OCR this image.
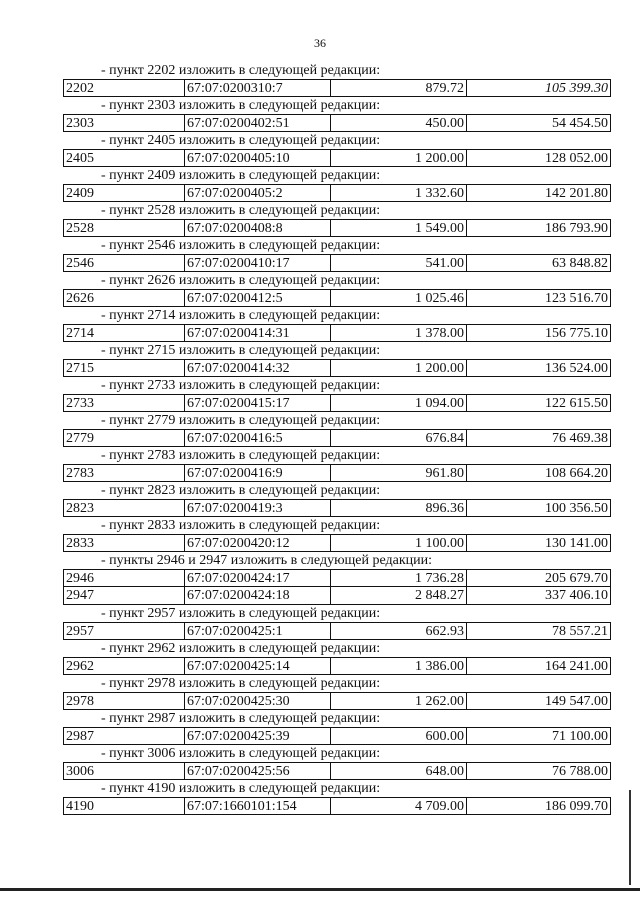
36
- пункт 2202 изложить в следующей редакции:
2202	67:07:0200310:7	879.72	105 399.30
- пункт 2303 изложить в следующей редакции:
2303	67:07:0200402:51	450.00	54 454.50
- пункт 2405 изложить в следующей редакции:
2405	67:07:0200405:10	1 200.00	128 052.00
- пункт 2409 изложить в следующей редакции:
2409	67:07:0200405:2	1 332.60	142 201.80
- пункт 2528 изложить в следующей редакции:
2528	67:07:0200408:8	1 549.00	186 793.90
- пункт 2546 изложить в следующей редакции:
2546	67:07:0200410:17	541.00	63 848.82
- пункт 2626 изложить в следующей редакции:
2626	67:07:0200412:5	1 025.46	123 516.70
- пункт 2714 изложить в следующей редакции:
2714	67:07:0200414:31	1 378.00	156 775.10
- пункт 2715 изложить в следующей редакции:
2715	67:07:0200414:32	1 200.00	136 524.00
- пункт 2733 изложить в следующей редакции:
2733	67:07:0200415:17	1 094.00	122 615.50
- пункт 2779 изложить в следующей редакции:
2779	67:07:0200416:5	676.84	76 469.38
- пункт 2783 изложить в следующей редакции:
2783	67:07:0200416:9	961.80	108 664.20
- пункт 2823 изложить в следующей редакции:
2823	67:07:0200419:3	896.36	100 356.50
- пункт 2833 изложить в следующей редакции:
2833	67:07:0200420:12	1 100.00	130 141.00
- пункты 2946 и 2947 изложить в следующей редакции:
2946	67:07:0200424:17	1 736.28	205 679.70
2947	67:07:0200424:18	2 848.27	337 406.10
- пункт 2957 изложить в следующей редакции:
2957	67:07:0200425:1	662.93	78 557.21
- пункт 2962 изложить в следующей редакции:
2962	67:07:0200425:14	1 386.00	164 241.00
- пункт 2978 изложить в следующей редакции:
2978	67:07:0200425:30	1 262.00	149 547.00
- пункт 2987 изложить в следующей редакции:
2987	67:07:0200425:39	600.00	71 100.00
- пункт 3006 изложить в следующей редакции:
3006	67:07:0200425:56	648.00	76 788.00
- пункт 4190 изложить в следующей редакции:
4190	67:07:1660101:154	4 709.00	186 099.70
